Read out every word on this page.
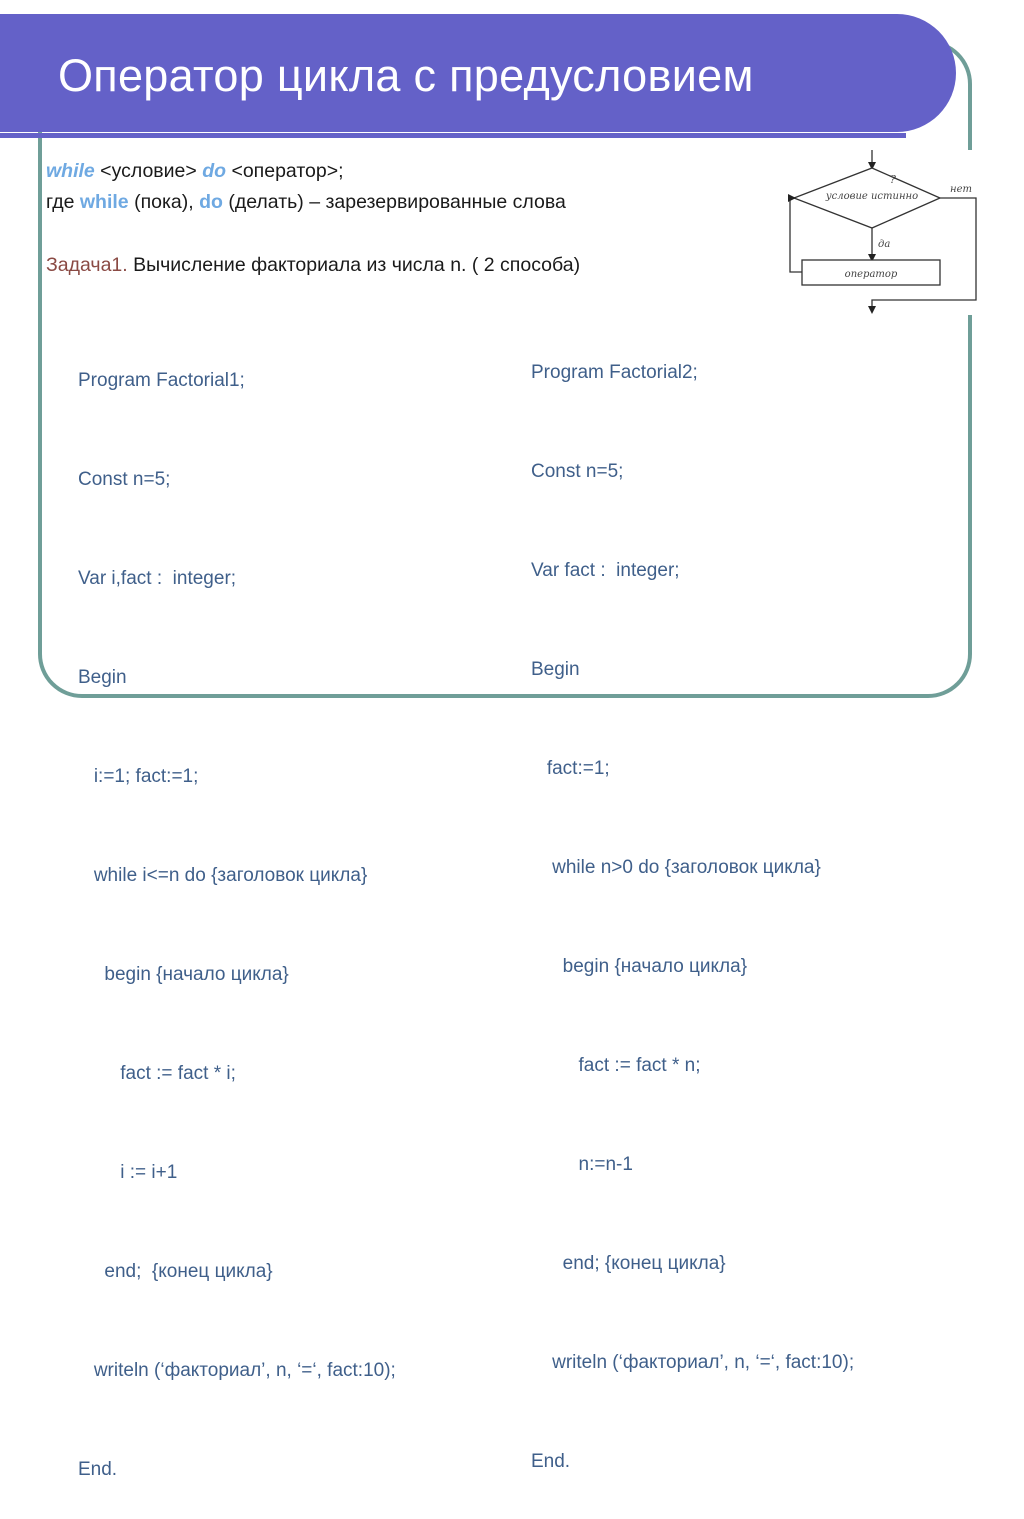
Оператор цикла с предусловием
while <условие> do <оператор>;
где while (пока), do (делать) – зарезервированные слова
Задача1. Вычисление факториала из числа n. ( 2 способа)
?
условие истинно
нет
да
оператор

Program Factorial1;

Const n=5;

Var i,fact :  integer;

Begin

i:=1; fact:=1;

while i<=n do {заголовок цикла}

begin {начало цикла}

fact := fact * i;

i := i+1

end;  {конец цикла}

writeln (‘факториал’, n, ‘=‘, fact:10);

End.

Program Factorial2;

Const n=5;

Var fact :  integer;

Begin

fact:=1;

while n>0 do {заголовок цикла}

begin {начало цикла}

fact := fact * n;

n:=n-1

end; {конец цикла}

writeln (‘факториал’, n, ‘=‘, fact:10);

End.
